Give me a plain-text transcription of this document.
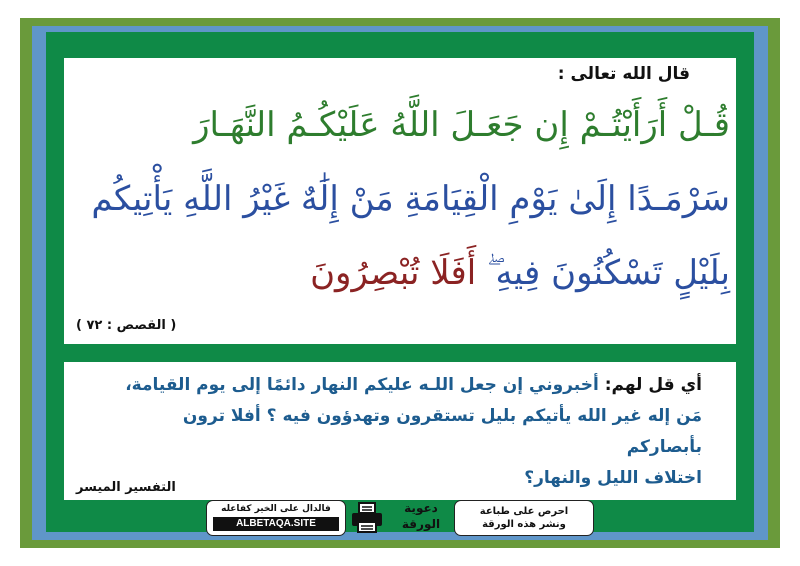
قال الله تعالى :
قُـلْ أَرَأَيْتُـمْ إِن جَعَـلَ اللَّهُ عَلَيْكُـمُ النَّهَـارَ
سَرْمَـدًا إِلَىٰ يَوْمِ الْقِيَامَةِ مَنْ إِلَٰهٌ غَيْرُ اللَّهِ يَأْتِيكُم
بِلَيْلٍ تَسْكُنُونَ فِيهِ ۖ أَفَلَا تُبْصِرُونَ
( القصص : ٧٢ )
أي قل لهم: أخبروني إن جعل اللـه عليكم النهار دائمًا إلى يوم القيامة،
مَن إله غير الله يأتيكم بليل تستقرون وتهدؤون فيه ؟ أفلا ترون بأبصاركم
اختلاف الليل والنهار؟
التفسير الميسر
فالدال على الخير كفاعله
ALBETAQA.SITE
دعوية الورقة
احرص على طباعة
ونشر هذه الورقة
